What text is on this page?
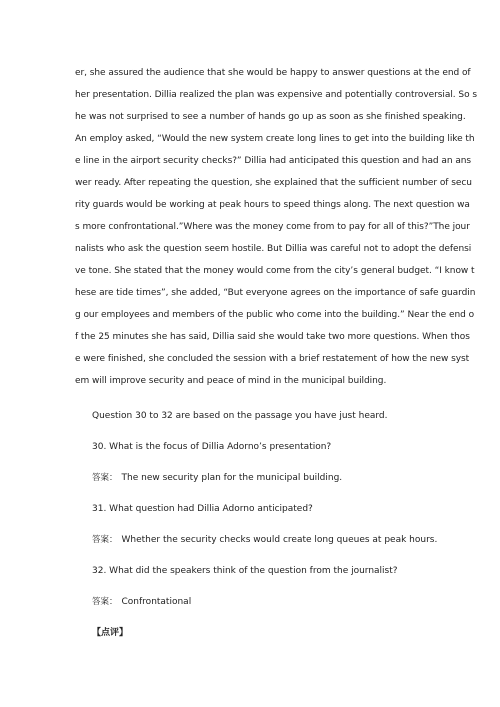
er, she assured the audience that she would be happy to answer questions at the end of
her presentation. Dillia realized the plan was expensive and potentially controversial. So s
he was not surprised to see a number of hands go up as soon as she finished speaking.
An employ asked, “Would the new system create long lines to get into the building like th
e line in the airport security checks?” Dillia had anticipated this question and had an ans
wer ready. After repeating the question, she explained that the sufficient number of secu
rity guards would be working at peak hours to speed things along. The next question wa
s more confrontational.”Where was the money come from to pay for all of this?”The jour
nalists who ask the question seem hostile. But Dillia was careful not to adopt the defensi
ve tone. She stated that the money would come from the city’s general budget. “I know t
hese are tide times”, she added, “But everyone agrees on the importance of safe guardin
g our employees and members of the public who come into the building.” Near the end o
f the 25 minutes she has said, Dillia said she would take two more questions. When thos
e were finished, she concluded the session with a brief restatement of how the new syst
em will improve security and peace of mind in the municipal building.
Question 30 to 32 are based on the passage you have just heard.
30. What is the focus of Dillia Adorno’s presentation?
答案： The new security plan for the municipal building.
31. What question had Dillia Adorno anticipated?
答案： Whether the security checks would create long queues at peak hours.
32. What did the speakers think of the question from the journalist?
答案： Confrontational
【点评】
